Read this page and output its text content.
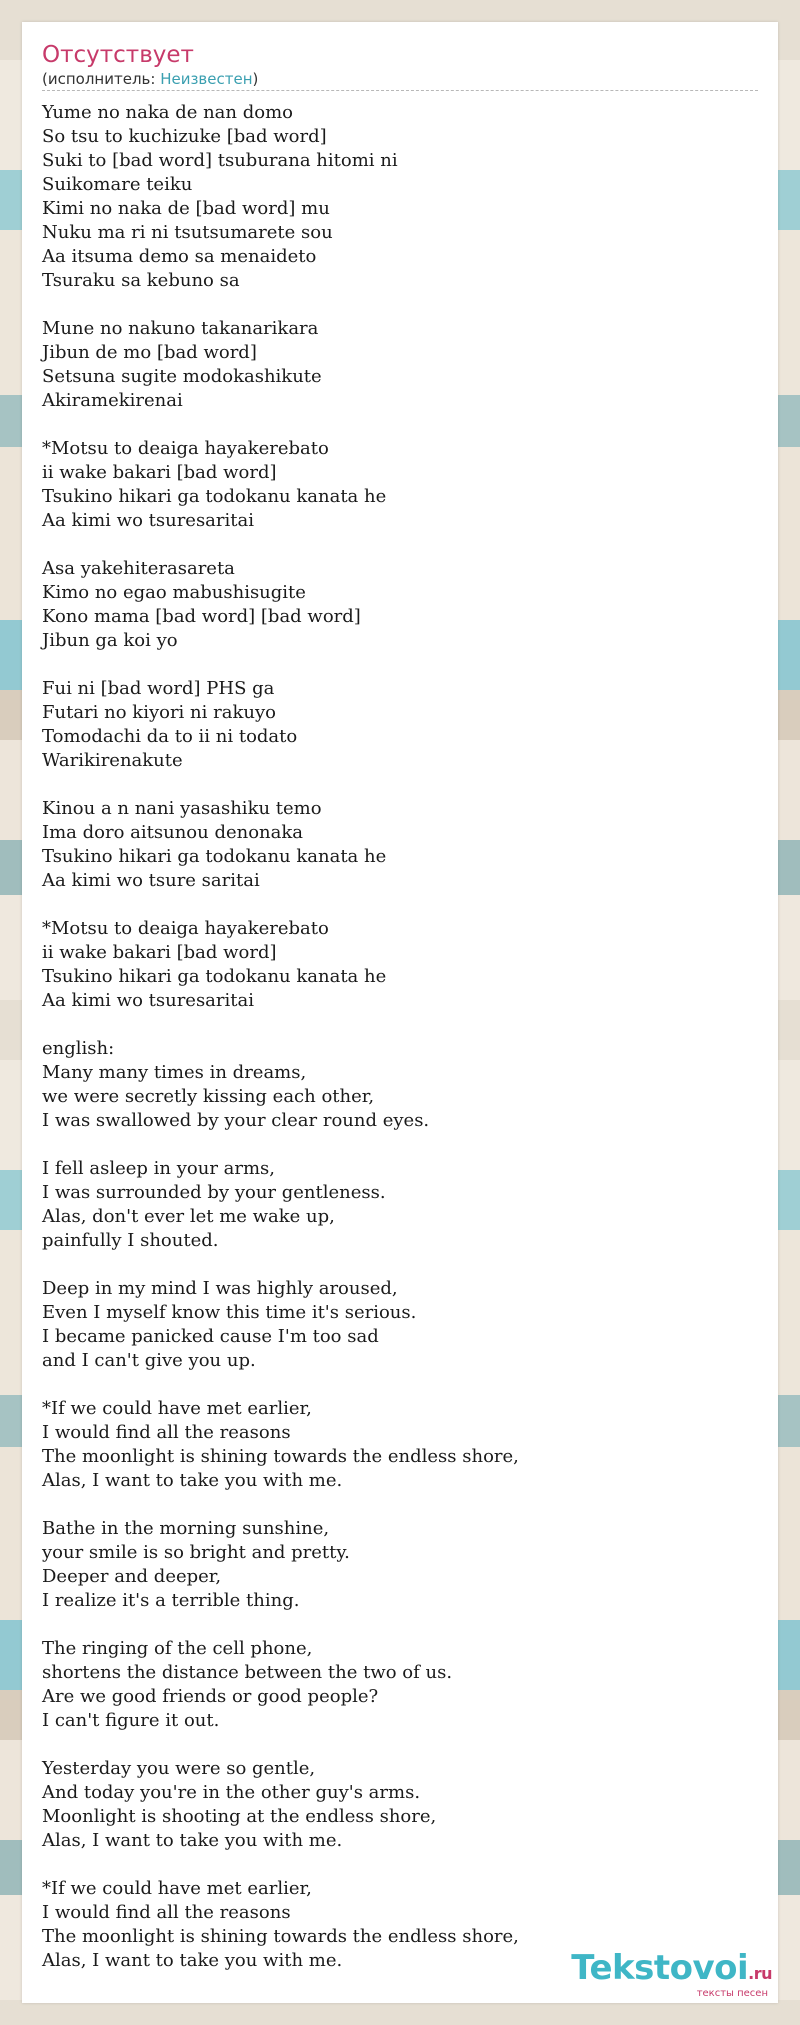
Отсутствует
(исполнитель: Неизвестен)
Yume no naka de nan domo
So tsu to kuchizuke [bad word]
Suki to [bad word] tsuburana hitomi ni
Suikomare teiku
Kimi no naka de [bad word] mu
Nuku ma ri ni tsutsumarete sou
Aa itsuma demo sa menaideto
Tsuraku sa kebuno sa

Mune no nakuno takanarikara
Jibun de mo [bad word]
Setsuna sugite modokashikute
Akiramekirenai

*Motsu to deaiga hayakerebato
ii wake bakari [bad word]
Tsukino hikari ga todokanu kanata he
Aa kimi wo tsuresaritai

Asa yakehiterasareta
Kimo no egao mabushisugite
Kono mama [bad word] [bad word]
Jibun ga koi yo

Fui ni [bad word] PHS ga
Futari no kiyori ni rakuyo
Tomodachi da to ii ni todato
Warikirenakute

Kinou a n nani yasashiku temo
Ima doro aitsunou denonaka
Tsukino hikari ga todokanu kanata he
Aa kimi wo tsure saritai

*Motsu to deaiga hayakerebato
ii wake bakari [bad word]
Tsukino hikari ga todokanu kanata he
Aa kimi wo tsuresaritai

english:
Many many times in dreams,
we were secretly kissing each other,
I was swallowed by your clear round eyes.

I fell asleep in your arms,
I was surrounded by your gentleness.
Alas, don't ever let me wake up,
painfully I shouted.

Deep in my mind I was highly aroused,
Even I myself know this time it's serious.
I became panicked cause I'm too sad
and I can't give you up.

*If we could have met earlier,
I would find all the reasons
The moonlight is shining towards the endless shore,
Alas, I want to take you with me.

Bathe in the morning sunshine,
your smile is so bright and pretty.
Deeper and deeper,
I realize it's a terrible thing.

The ringing of the cell phone,
shortens the distance between the two of us.
Are we good friends or good people?
I can't figure it out.

Yesterday you were so gentle,
And today you're in the other guy's arms.
Moonlight is shooting at the endless shore,
Alas, I want to take you with me.

*If we could have met earlier,
I would find all the reasons
The moonlight is shining towards the endless shore,
Alas, I want to take you with me.	Tekstovoi.ru
тексты песен
